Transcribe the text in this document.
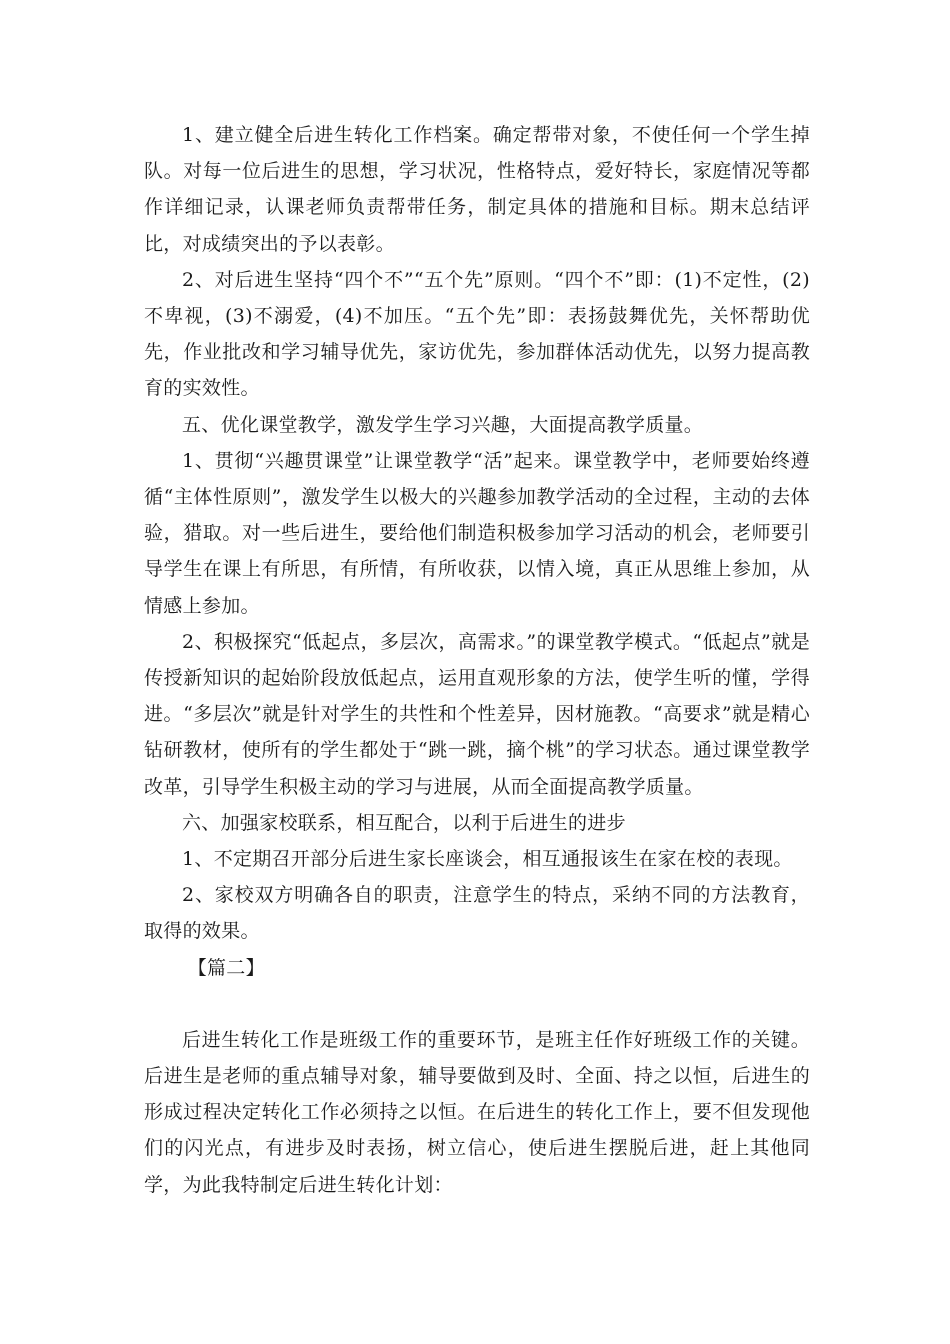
1、建立健全后进生转化工作档案。确定帮带对象，不使任何一个学生掉队。对每一位后进生的思想，学习状况，性格特点，爱好特长，家庭情况等都作详细记录，认课老师负责帮带任务，制定具体的措施和目标。期末总结评比，对成绩突出的予以表彰。

2、对后进生坚持“四个不”“五个先”原则。“四个不”即：(1)不定性，(2)不卑视，(3)不溺爱，(4)不加压。“五个先”即：表扬鼓舞优先，关怀帮助优先，作业批改和学习辅导优先，家访优先，参加群体活动优先，以努力提高教育的实效性。

五、优化课堂教学，激发学生学习兴趣，大面提高教学质量。

1、贯彻“兴趣贯课堂”让课堂教学“活”起来。课堂教学中，老师要始终遵循“主体性原则”，激发学生以极大的兴趣参加教学活动的全过程，主动的去体验，猎取。对一些后进生，要给他们制造积极参加学习活动的机会，老师要引导学生在课上有所思，有所情，有所收获，以情入境，真正从思维上参加，从情感上参加。

2、积极探究“低起点，多层次，高需求。”的课堂教学模式。“低起点”就是传授新知识的起始阶段放低起点，运用直观形象的方法，使学生听的懂，学得进。“多层次”就是针对学生的共性和个性差异，因材施教。“高要求”就是精心钻研教材，使所有的学生都处于“跳一跳，摘个桃”的学习状态。通过课堂教学改革，引导学生积极主动的学习与进展，从而全面提高教学质量。

六、加强家校联系，相互配合，以利于后进生的进步

1、不定期召开部分后进生家长座谈会，相互通报该生在家在校的表现。

2、家校双方明确各自的职责，注意学生的特点，采纳不同的方法教育，取得的效果。

【篇二】

后进生转化工作是班级工作的重要环节，是班主任作好班级工作的关键。后进生是老师的重点辅导对象，辅导要做到及时、全面、持之以恒，后进生的形成过程决定转化工作必须持之以恒。在后进生的转化工作上，要不但发现他们的闪光点，有进步及时表扬，树立信心，使后进生摆脱后进，赶上其他同学，为此我特制定后进生转化计划：
